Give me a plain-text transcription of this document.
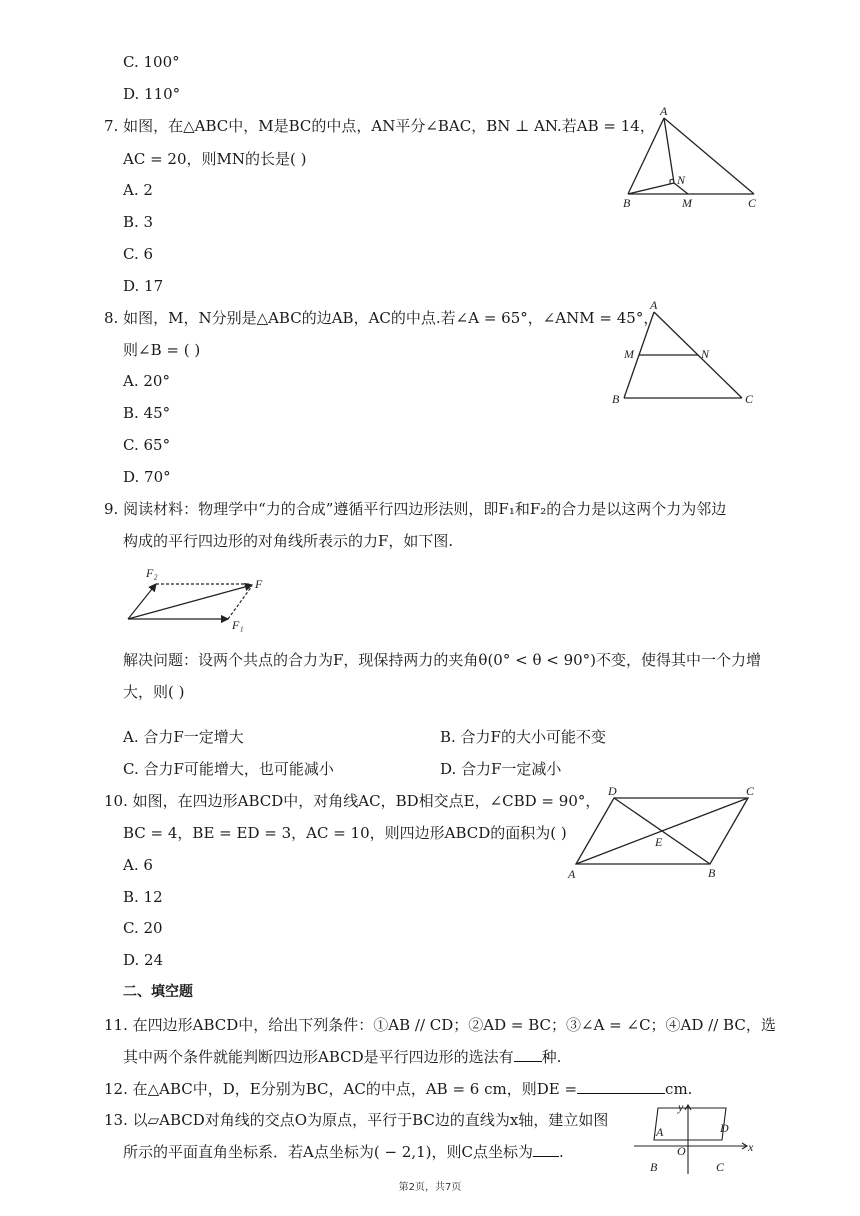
C. 100°
D. 110°
7. 如图，在△ABC中，M是BC的中点，AN平分∠BAC，BN ⊥ AN.若AB = 14，
AC = 20，则MN的长是( )
A. 2
B. 3
C. 6
D. 17
A
N
B	M	C
8. 如图，M，N分别是△ABC的边AB，AC的中点.若∠A = 65°，∠ANM = 45°，
则∠B = ( )
A. 20°
B. 45°
C. 65°
D. 70°
A
M	N
B	C
9. 阅读材料：物理学中“力的合成”遵循平行四边形法则，即F₁和F₂的合力是以这两个力为邻边
构成的平行四边形的对角线所表示的力F，如下图.
F₂
F
F₁
解决问题：设两个共点的合力为F，现保持两力的夹角θ(0° < θ < 90°)不变，使得其中一个力增
大，则( )
A. 合力F一定增大	B. 合力F的大小可能不变
C. 合力F可能增大，也可能减小	D. 合力F一定减小
10. 如图，在四边形ABCD中，对角线AC，BD相交点E，∠CBD = 90°，
BC = 4，BE = ED = 3，AC = 10，则四边形ABCD的面积为( )
A. 6
B. 12
C. 20
D. 24
D	C
E
A	B
二、填空题
11. 在四边形ABCD中，给出下列条件：①AB // CD；②AD = BC；③∠A = ∠C；④AD // BC，选
其中两个条件就能判断四边形ABCD是平行四边形的选法有 种.
12. 在△ABC中，D，E分别为BC，AC的中点，AB = 6 cm，则DE =	cm.
13. 以▱ABCD对角线的交点O为原点，平行于BC边的直线为x轴，建立如图
所示的平面直角坐标系．若A点坐标为( − 2,1)，则C点坐标为 .
y
x
A	D
O
B	C
第2页，共7页
